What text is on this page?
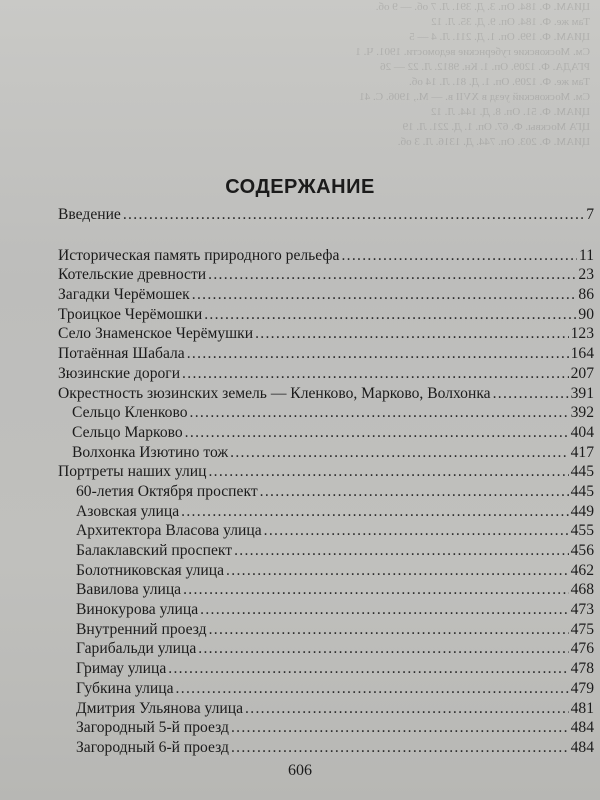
ЦИАМ. Ф. 184. Оп. 3. Д. 391. Л. 7 об. — 9 об.
Там же. Ф. 184. Оп. 9. Д. 35. Л. 12
ЦИАМ. Ф. 199. Оп. 1. Д. 211. Л. 4 — 5
См. Московские губернские ведомости. 1901. Ч. 1
РГАДА. Ф. 1209. Оп. 1. Кн. 9812. Л. 22 — 26
Там же. Ф. 1209. Оп. 1. Д. 81. Л. 14 об.
См. Московский уезд в XVII в. — М., 1906. С. 41
ЦИАМ. Ф. 51. Оп. 8. Д. 144. Л. 12
ЦГА Москвы. Ф. 67. Оп. 1. Д. 221. Л. 19
ЦИАМ. Ф. 203. Оп. 744. Д. 1316. Л. 3 об.
СОДЕРЖАНИЕ
Введение . . .	7
Историческая память природного рельефа . . .	11
Котельские древности . . .	23
Загадки Черёмошек . . .	86
Троицкое Черёмошки . . .	90
Село Знаменское Черёмушки . . .	123
Потаённая Шабала . . .	164
Зюзинские дороги . . .	207
Окрестность зюзинских земель — Кленково, Марково, Волхонка . . .	391
Сельцо Кленково . . .	392
Сельцо Марково . . .	404
Волхонка Изютино тож . . .	417
Портреты наших улиц . . .	445
60-летия Октября проспект . . .	445
Азовская улица . . .	449
Архитектора Власова улица . . .	455
Балаклавский проспект . . .	456
Болотниковская улица . . .	462
Вавилова улица . . .	468
Винокурова улица . . .	473
Внутренний проезд . . .	475
Гарибальди улица . . .	476
Гримау улица . . .	478
Губкина улица . . .	479
Дмитрия Ульянова улица . . .	481
Загородный 5-й проезд . . .	484
Загородный 6-й проезд . . .	484
606
